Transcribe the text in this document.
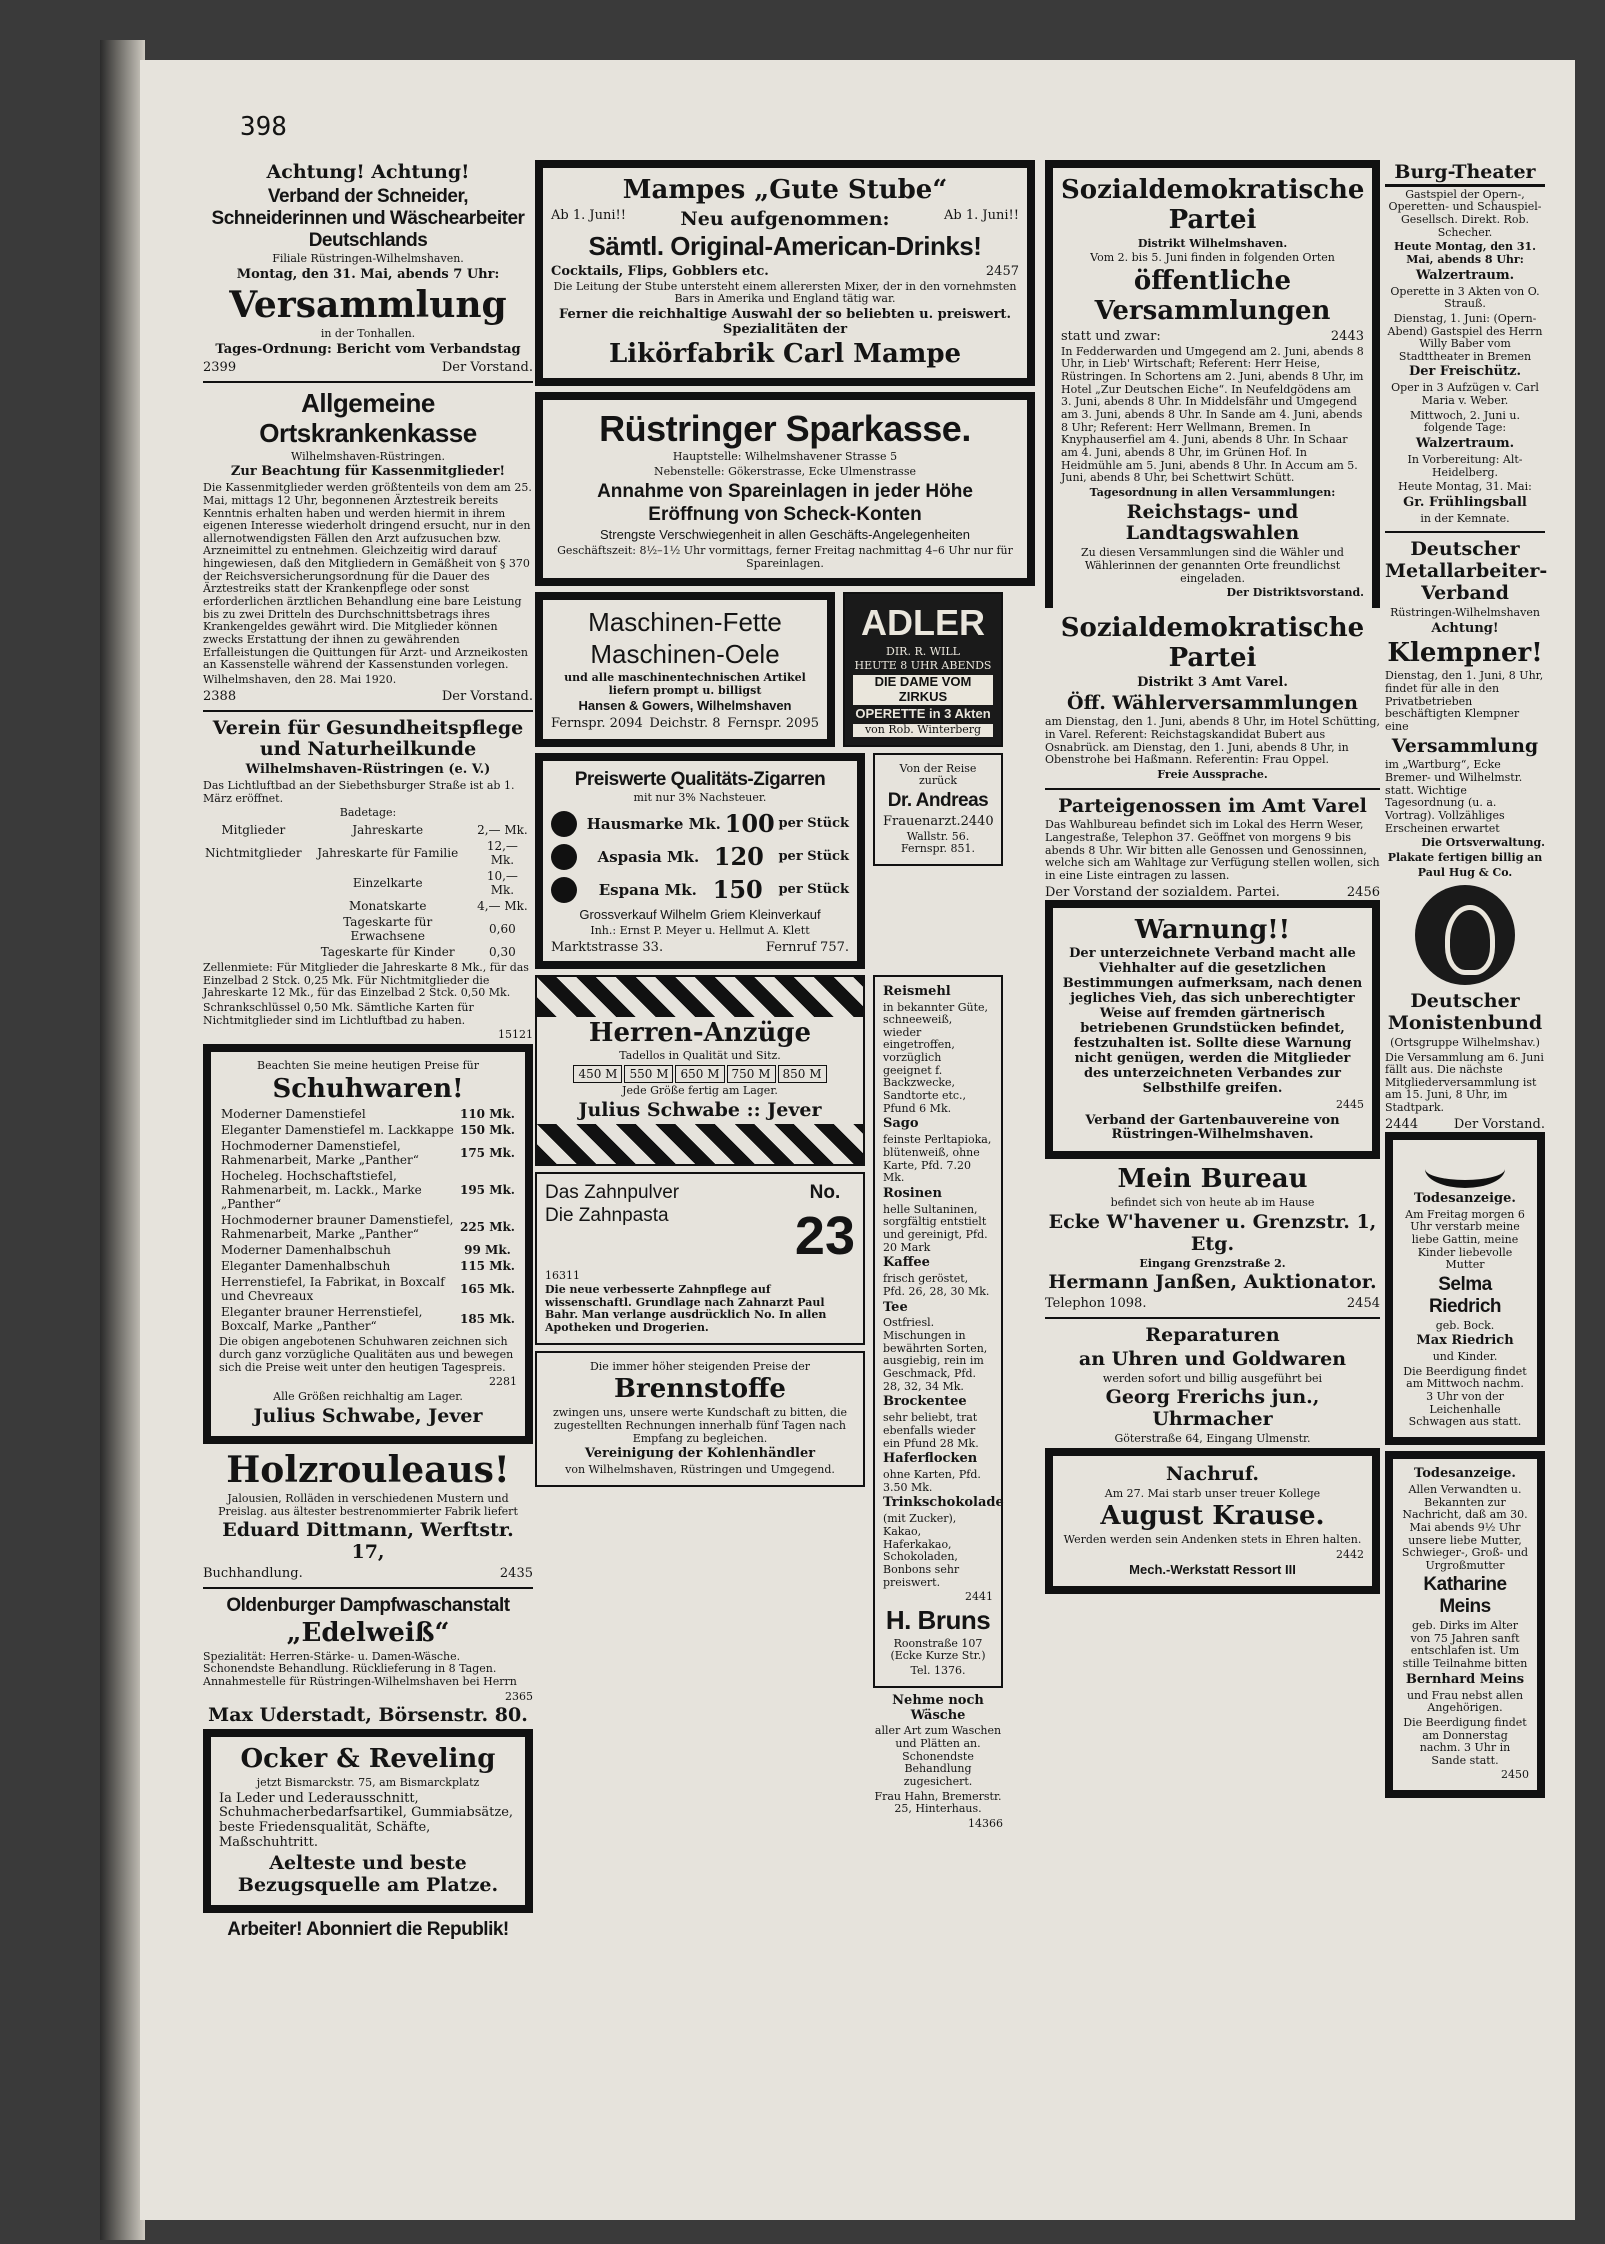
398

Achtung! Achtung!

Verband der Schneider, Schneiderinnen und Wäschearbeiter Deutschlands

Filiale Rüstringen-Wilhelmshaven.

Montag, den 31. Mai, abends 7 Uhr:

Versammlung

in der Tonhallen.

Tages-Ordnung: Bericht vom Verbandstag

2399	Der Vorstand.

Allgemeine Ortskrankenkasse

Wilhelmshaven-Rüstringen.

Zur Beachtung für Kassenmitglieder!

Die Kassenmitglieder werden größtenteils von dem am 25. Mai, mittags 12 Uhr, begonnenen Ärztestreik bereits Kenntnis erhalten haben und werden hiermit in ihrem eigenen Interesse wiederholt dringend ersucht, nur in den allernotwendigsten Fällen den Arzt aufzusuchen bzw. Arzneimittel zu entnehmen. Gleichzeitig wird darauf hingewiesen, daß den Mitgliedern in Gemäßheit von § 370 der Reichsversicherungsordnung für die Dauer des Ärztestreiks statt der Krankenpflege oder sonst erforderlichen ärztlichen Behandlung eine bare Leistung bis zu zwei Dritteln des Durchschnittsbetrags ihres Krankengeldes gewährt wird. Die Mitglieder können zwecks Erstattung der ihnen zu gewährenden Erfalleistungen die Quittungen für Arzt- und Arzneikosten an Kassenstelle während der Kassenstunden vorlegen.

Wilhelmshaven, den 28. Mai 1920.

2388	Der Vorstand.

Verein für Gesundheitspflege und Naturheilkunde

Wilhelmshaven-Rüstringen (e. V.)

Das Lichtluftbad an der Siebethsburger Straße ist ab 1. März eröffnet.

Badetage:

Mitglieder	Jahreskarte	2,— Mk.
Nichtmitglieder	Jahreskarte für Familie	12,— Mk.
	Einzelkarte	10,— Mk.
	Monatskarte	4,— Mk.
	Tageskarte für Erwachsene	0,60
	Tageskarte für Kinder	0,30

Zellenmiete: Für Mitglieder die Jahreskarte 8 Mk., für das Einzelbad 2 Stck. 0,25 Mk. Für Nichtmitglieder die Jahreskarte 12 Mk., für das Einzelbad 2 Stck. 0,50 Mk.

Schrankschlüssel 0,50 Mk. Sämtliche Karten für Nichtmitglieder sind im Lichtluftbad zu haben.

15121

Beachten Sie meine heutigen Preise für

Schuhwaren!

Moderner Damenstiefel	110 Mk.
Eleganter Damenstiefel m. Lackkappe	150 Mk.
Hochmoderner Damenstiefel, Rahmenarbeit, Marke „Panther“	175 Mk.
Hocheleg. Hochschaftstiefel, Rahmenarbeit, m. Lackk., Marke „Panther“	195 Mk.
Hochmoderner brauner Damenstiefel, Rahmenarbeit, Marke „Panther“	225 Mk.
Moderner Damenhalbschuh	99 Mk.
Eleganter Damenhalbschuh	115 Mk.
Herrenstiefel, Ia Fabrikat, in Boxcalf und Chevreaux	165 Mk.
Eleganter brauner Herrenstiefel, Boxcalf, Marke „Panther“	185 Mk.

Die obigen angebotenen Schuhwaren zeichnen sich durch ganz vorzügliche Qualitäten aus und bewegen sich die Preise weit unter den heutigen Tagespreis.

2281

Alle Größen reichhaltig am Lager.

Julius Schwabe, Jever

Holzrouleaus!

Jalousien, Rolläden in verschiedenen Mustern und Preislag. aus ältester bestrenommierter Fabrik liefert

Eduard Dittmann, Werftstr. 17,

Buchhandlung.	2435

Oldenburger Dampfwaschanstalt

„Edelweiß“

Spezialität: Herren-Stärke- u. Damen-Wäsche. Schonendste Behandlung. Rücklieferung in 8 Tagen. Annahmestelle für Rüstringen-Wilhelmshaven bei Herrn

2365

Max Uderstadt, Börsenstr. 80.

Ocker & Reveling

jetzt Bismarckstr. 75, am Bismarckplatz

Ia Leder und Lederausschnitt, Schuhmacherbedarfsartikel, Gummiabsätze, beste Friedensqualität, Schäfte, Maßschuhtritt.

Aelteste und beste Bezugsquelle am Platze.

Arbeiter! Abonniert die Republik!

Mampes „Gute Stube“

Ab 1. Juni!!	Neu aufgenommen:	Ab 1. Juni!!

Sämtl. Original-American-Drinks!

Cocktails, Flips, Gobblers etc.	2457

Die Leitung der Stube untersteht einem allerersten Mixer, der in den vornehmsten Bars in Amerika und England tätig war.

Ferner die reichhaltige Auswahl der so beliebten u. preiswert. Spezialitäten der

Likörfabrik Carl Mampe

Rüstringer Sparkasse.

Hauptstelle: Wilhelmshavener Strasse 5

Nebenstelle: Gökerstrasse, Ecke Ulmenstrasse

Annahme von Spareinlagen in jeder Höhe

Eröffnung von Scheck-Konten

Strengste Verschwiegenheit in allen Geschäfts-Angelegenheiten

Geschäftszeit: 8½–1½ Uhr vormittags, ferner Freitag nachmittag 4–6 Uhr nur für Spareinlagen.

Maschinen-Fette

Maschinen-Oele

und alle maschinentechnischen Artikel liefern prompt u. billigst

Hansen & Gowers, Wilhelmshaven

Fernspr. 2094 Deichstr. 8 Fernspr. 2095

ADLER

DIR. R. WILL

HEUTE 8 UHR ABENDS

DIE DAME VOM ZIRKUS

OPERETTE in 3 Akten

von Rob. Winterberg

Preiswerte Qualitäts-Zigarren

mit nur 3% Nachsteuer.

Hausmarke Mk. 100 per Stück
Aspasia Mk. 120 per Stück
Espana Mk. 150 per Stück

Grossverkauf Wilhelm Griem Kleinverkauf

Inh.: Ernst P. Meyer u. Hellmut A. Klett

Marktstrasse 33.	Fernruf 757.

Von der Reise zurück

Dr. Andreas

Frauenarzt. 2440

Wallstr. 56. Fernspr. 851.

Herren-Anzüge

Tadellos in Qualität und Sitz.

450 M	550 M	650 M	750 M	850 M

Jede Größe fertig am Lager.

Julius Schwabe :: Jever

Das Zahnpulver

Die Zahnpasta

No.

23

16311

Die neue verbesserte Zahnpflege auf wissenschaftl. Grundlage nach Zahnarzt Paul Bahr. Man verlange ausdrücklich No. In allen Apotheken und Drogerien.

Die immer höher steigenden Preise der

Brennstoffe

zwingen uns, unsere werte Kundschaft zu bitten, die zugestellten Rechnungen innerhalb fünf Tagen nach Empfang zu begleichen.

Vereinigung der Kohlenhändler

von Wilhelmshaven, Rüstringen und Umgegend.

Reismehl

in bekannter Güte, schneeweiß, wieder eingetroffen, vorzüglich geeignet f. Backzwecke, Sandtorte etc., Pfund 6 Mk.

Sago

feinste Perltapioka, blütenweiß, ohne Karte, Pfd. 7.20 Mk.

Rosinen

helle Sultaninen, sorgfältig entstielt und gereinigt, Pfd. 20 Mark

Kaffee

frisch geröstet, Pfd. 26, 28, 30 Mk.

Tee

Ostfriesl. Mischungen in bewährten Sorten, ausgiebig, rein im Geschmack, Pfd. 28, 32, 34 Mk.

Brockentee

sehr beliebt, trat ebenfalls wieder ein Pfund 28 Mk.

Haferflocken

ohne Karten, Pfd. 3.50 Mk.

Trinkschokolade

(mit Zucker), Kakao, Haferkakao, Schokoladen, Bonbons sehr preiswert.

2441

H. Bruns

Roonstraße 107 (Ecke Kurze Str.)

Tel. 1376.

Nehme noch Wäsche

aller Art zum Waschen und Plätten an. Schonendste Behandlung zugesichert.

Frau Hahn, Bremerstr. 25, Hinterhaus.

14366

Sozialdemokratische Partei

Distrikt Wilhelmshaven.

Vom 2. bis 5. Juni finden in folgenden Orten

öffentliche Versammlungen

statt und zwar:	2443

In Fedderwarden und Umgegend am 2. Juni, abends 8 Uhr, in Lieb' Wirtschaft; Referent: Herr Heise, Rüstringen. In Schortens am 2. Juni, abends 8 Uhr, im Hotel „Zur Deutschen Eiche“. In Neufeldgödens am 3. Juni, abends 8 Uhr. In Middelsfähr und Umgegend am 3. Juni, abends 8 Uhr. In Sande am 4. Juni, abends 8 Uhr; Referent: Herr Wellmann, Bremen. In Knyphauserfiel am 4. Juni, abends 8 Uhr. In Schaar am 4. Juni, abends 8 Uhr, im Grünen Hof. In Heidmühle am 5. Juni, abends 8 Uhr. In Accum am 5. Juni, abends 8 Uhr, bei Schettwirt Schütt.

Tagesordnung in allen Versammlungen:

Reichstags- und Landtagswahlen

Zu diesen Versammlungen sind die Wähler und Wählerinnen der genannten Orte freundlichst eingeladen.

Der Distriktsvorstand.

Sozialdemokratische Partei

Distrikt 3 Amt Varel.

Öff. Wählerversammlungen

am Dienstag, den 1. Juni, abends 8 Uhr, im Hotel Schütting, in Varel. Referent: Reichstagskandidat Bubert aus Osnabrück. am Dienstag, den 1. Juni, abends 8 Uhr, in Obenstrohe bei Haßmann. Referentin: Frau Oppel.

Freie Aussprache.

Parteigenossen im Amt Varel

Das Wahlbureau befindet sich im Lokal des Herrn Weser, Langestraße, Telephon 37. Geöffnet von morgens 9 bis abends 8 Uhr. Wir bitten alle Genossen und Genossinnen, welche sich am Wahltage zur Verfügung stellen wollen, sich in eine Liste eintragen zu lassen.

Der Vorstand der sozialdem. Partei.	2456

Warnung!!

Der unterzeichnete Verband macht alle Viehhalter auf die gesetzlichen Bestimmungen aufmerksam, nach denen jegliches Vieh, das sich unberechtigter Weise auf fremden gärtnerisch betriebenen Grundstücken befindet, festzuhalten ist. Sollte diese Warnung nicht genügen, werden die Mitglieder des unterzeichneten Verbandes zur Selbsthilfe greifen.

2445

Verband der Gartenbauvereine von Rüstringen-Wilhelmshaven.

Mein Bureau

befindet sich von heute ab im Hause

Ecke W'havener u. Grenzstr. 1, Etg.

Eingang Grenzstraße 2.

Hermann Janßen, Auktionator.

Telephon 1098.	2454

Reparaturen

an Uhren und Goldwaren

werden sofort und billig ausgeführt bei

Georg Frerichs jun., Uhrmacher

Göterstraße 64, Eingang Ulmenstr.

Nachruf.

Am 27. Mai starb unser treuer Kollege

August Krause.

Werden werden sein Andenken stets in Ehren halten.

2442

Mech.-Werkstatt Ressort III

Burg-Theater

Gastspiel der Opern-, Operetten- und Schauspiel-Gesellsch. Direkt. Rob. Schecher.

Heute Montag, den 31. Mai, abends 8 Uhr:

Walzertraum.

Operette in 3 Akten von O. Strauß.

Dienstag, 1. Juni: (Opern-Abend) Gastspiel des Herrn Willy Baber vom Stadttheater in Bremen

Der Freischütz.

Oper in 3 Aufzügen v. Carl Maria v. Weber.

Mittwoch, 2. Juni u. folgende Tage:

Walzertraum.

In Vorbereitung: Alt-Heidelberg.

Heute Montag, 31. Mai:

Gr. Frühlingsball

in der Kemnate.

Deutscher Metallarbeiter-Verband

Rüstringen-Wilhelmshaven

Achtung!

Klempner!

Dienstag, den 1. Juni, 8 Uhr, findet für alle in den Privatbetrieben beschäftigten Klempner eine

Versammlung

im „Wartburg“, Ecke Bremer- und Wilhelmstr. statt. Wichtige Tagesordnung (u. a. Vortrag). Vollzähliges Erscheinen erwartet

Die Ortsverwaltung.

Plakate fertigen billig an

Paul Hug & Co.

Deutscher Monistenbund

(Ortsgruppe Wilhelmshav.)

Die Versammlung am 6. Juni fällt aus. Die nächste Mitgliederversammlung ist am 15. Juni, 8 Uhr, im Stadtpark.

2444	Der Vorstand.

Todesanzeige.

Am Freitag morgen 6 Uhr verstarb meine liebe Gattin, meine Kinder liebevolle Mutter

Selma Riedrich

geb. Bock.

Max Riedrich

und Kinder.

Die Beerdigung findet am Mittwoch nachm. 3 Uhr von der Leichenhalle Schwagen aus statt.

Todesanzeige.

Allen Verwandten u. Bekannten zur Nachricht, daß am 30. Mai abends 9½ Uhr unsere liebe Mutter, Schwieger-, Groß- und Urgroßmutter

Katharine Meins

geb. Dirks im Alter von 75 Jahren sanft entschlafen ist. Um stille Teilnahme bitten

Bernhard Meins

und Frau nebst allen Angehörigen.

Die Beerdigung findet am Donnerstag nachm. 3 Uhr in Sande statt.

2450
